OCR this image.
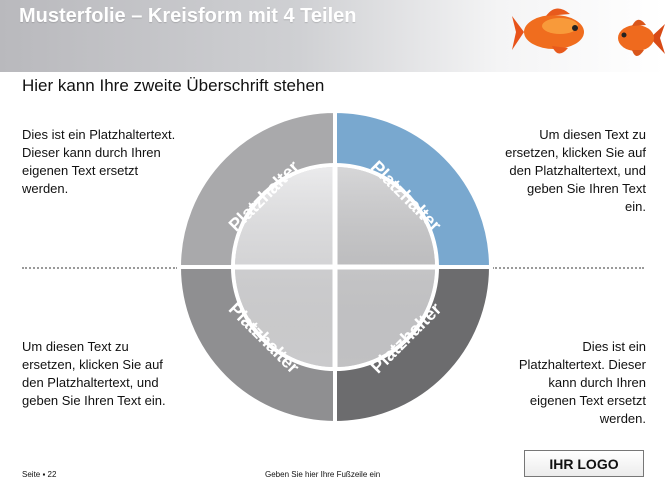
Musterfolie – Kreisform mit 4 Teilen
Hier kann Ihre zweite Überschrift stehen
Dies ist ein Platzhaltertext.
Dieser kann durch Ihren
eigenen Text ersetzt
werden.
Um diesen Text zu
ersetzen, klicken Sie auf
den Platzhaltertext, und
geben Sie Ihren Text
ein.
Um diesen Text zu
ersetzen, klicken Sie auf
den Platzhaltertext, und
geben Sie Ihren Text ein.
Dies ist ein
Platzhaltertext. Dieser
kann durch Ihren
eigenen Text ersetzt
werden.
Platzhalter	Platzhalter
Platzhalter	Platzhalter
Seite ▪ 22	Geben Sie hier Ihre Fußzeile ein
IHR LOGO
